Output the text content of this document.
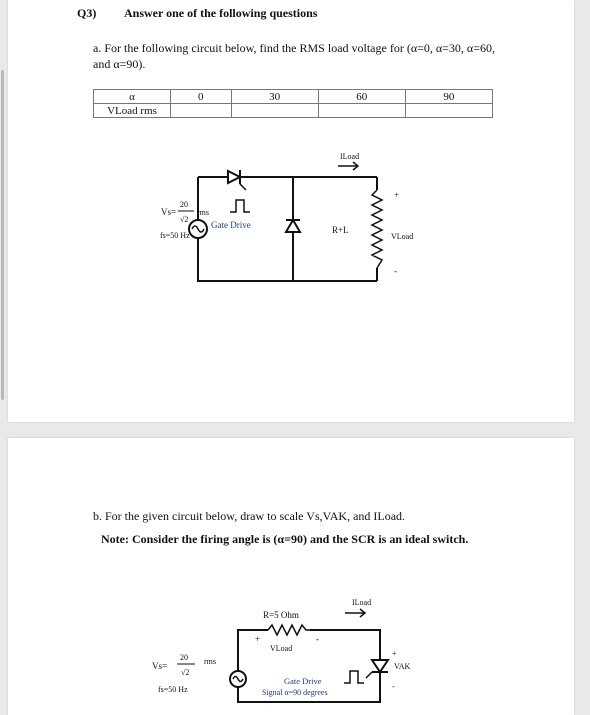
Q3) Answer one of the following questions
a. For the following circuit below, find the RMS load voltage for (α=0, α=30, α=60, and α=90).
α	0	30	60	90
VLoad rms				
Vs=
20
√2
rms
fs=50 Hz
Gate Drive	R+L
ILoad
VLoad
+
-
b. For the given circuit below, draw to scale Vs,VAK, and ILoad.
Note: Consider the firing angle is (α=90) and the SCR is an ideal switch.
R=5 Ohm
ILoad
+
VLoad
-
+
VAK
-
Vs=
20
√2
rms
fs=50 Hz
Gate Drive
Signal α=90 degrees
